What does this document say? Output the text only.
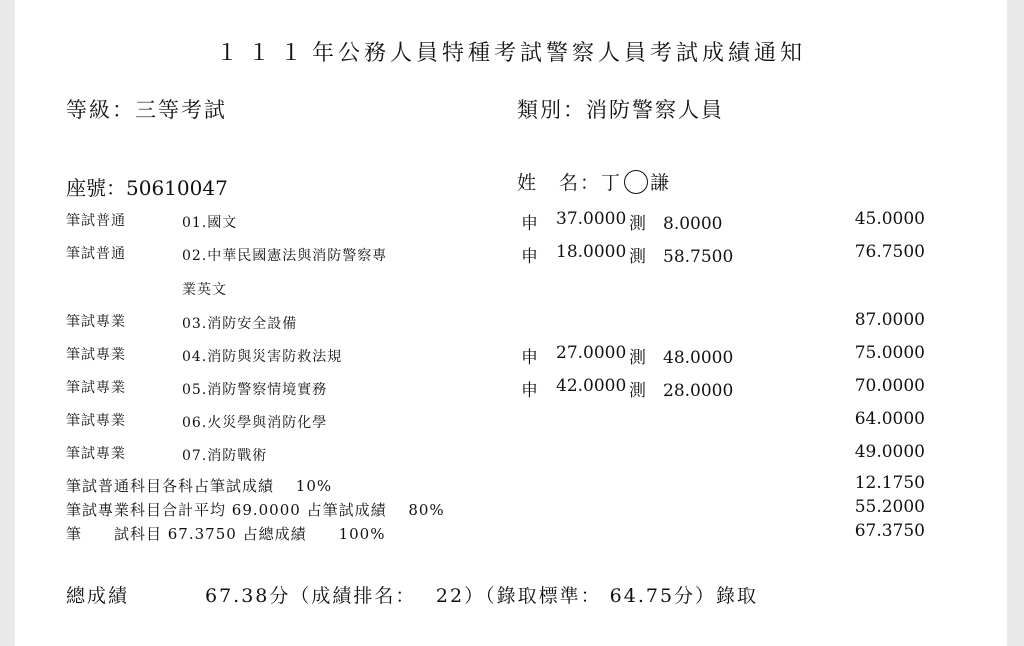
１１１年公務人員特種考試警察人員考試成績通知
等級：三等考試	類別：消防警察人員
座號：50610047	姓　名：丁 謙
筆試普通	01.國文	申 37.0000 測　8.0000	45.0000
筆試普通	02.中華民國憲法與消防警察專
業英文
申 18.0000 測　58.7500	76.7500
筆試專業	03.消防安全設備	87.0000
筆試專業	04.消防與災害防救法規	申 27.0000 測　48.0000	75.0000
筆試專業	05.消防警察情境實務	申 42.0000 測　28.0000	70.0000
筆試專業	06.火災學與消防化學	64.0000
筆試專業	07.消防戰術	49.0000
筆試普通科目各科占筆試成績　 10%	12.1750
筆試專業科目合計平均 69.0000 占筆試成績　 80%	55.2000
筆　　試科目 67.3750 占總成績　　100%	67.3750
總成績	67.38分（成績排名：　 22）（錄取標準： 64.75分）錄取
